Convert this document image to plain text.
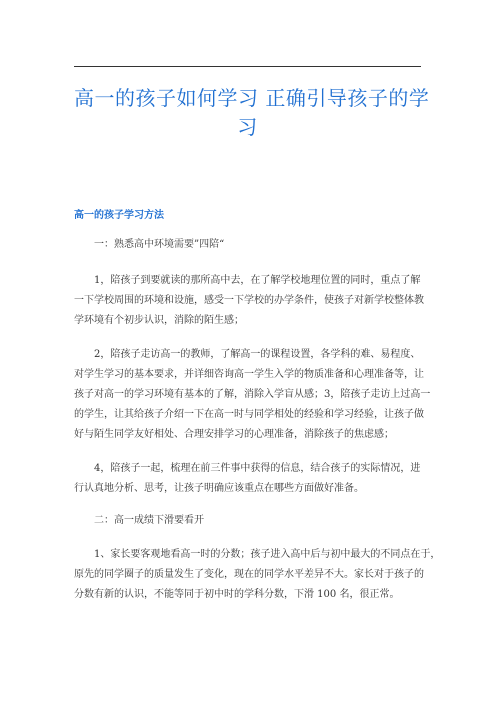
高一的孩子如何学习 正确引导孩子的学
习
高一的孩子学习方法
一：熟悉高中环境需要”四陪“
1，陪孩子到要就读的那所高中去，在了解学校地理位置的同时，重点了解
一下学校周围的环境和设施，感受一下学校的办学条件，使孩子对新学校整体教
学环境有个初步认识，消除的陌生感；
2，陪孩子走访高一的教师，了解高一的课程设置，各学科的难、易程度、
对学生学习的基本要求，并详细咨询高一学生入学的物质准备和心理准备等，让
孩子对高一的学习环境有基本的了解，消除入学盲从感；3，陪孩子走访上过高一
的学生，让其给孩子介绍一下在高一时与同学相处的经验和学习经验，让孩子做
好与陌生同学友好相处、合理安排学习的心理准备，消除孩子的焦虑感；
4，陪孩子一起，梳理在前三件事中获得的信息，结合孩子的实际情况，进
行认真地分析、思考，让孩子明确应该重点在哪些方面做好准备。
二：高一成绩下滑要看开
1、家长要客观地看高一时的分数；孩子进入高中后与初中最大的不同点在于，
原先的同学圈子的质量发生了变化，现在的同学水平差异不大。家长对于孩子的
分数有新的认识，不能等同于初中时的学科分数，下滑 100 名，很正常。
